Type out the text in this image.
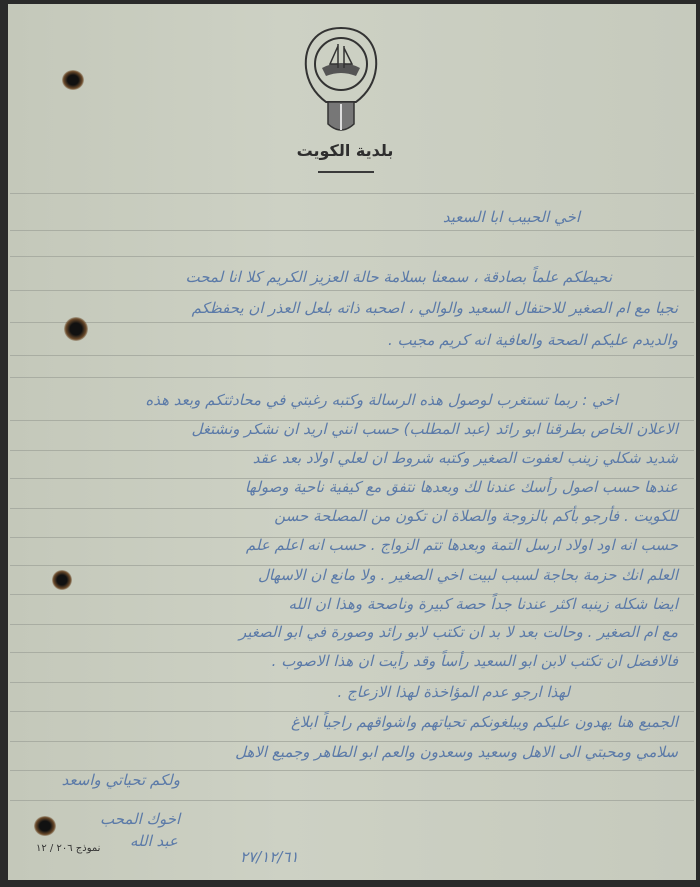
بلدية الكويت
اخي الحبيب ابا السعيد
نحيطكم علماً بصادقة ، سمعنا بسلامة حالة العزيز الكريم كلا انا لمحت
نجيا مع ام الصغير للاحتفال السعيد والوالي ، اصحبه ذاته بلعل العذر ان يحفظكم
والديدم عليكم الصحة والعافية انه كريم مجيب .
اخي : ربما تستغرب لوصول هذه الرسالة وكتبه رغبتي في محادثتكم وبعد هذه
الاعلان الخاص بطرقنا ابو رائد (عبد المطلب) حسب انني اريد ان نشكر ونشتغل
شديد شكلي زينب لعفوت الصغير وكتبه شروط ان لعلي اولاد بعد عقد
عندها حسب اصول رأسك عندنا لك وبعدها نتفق مع كيفية ناحية وصولها
للكويت . فأرجو بأكم بالزوجة والصلاة ان تكون من المصلحة حسن
حسب انه اود اولاد ارسل التمة وبعدها تتم الزواج . حسب انه اعلم علم
العلم انك حزمة بحاجة لسبب لبيت اخي الصغير . ولا مانع ان الاسهال
ايضا شكله زينبه اكثر عندنا جداً حصة كبيرة وناصحة وهذا ان الله
مع ام الصغير . وحالت بعد لا بد ان تكتب لابو رائد وصورة في ابو الصغير
فالافضل ان تكتب لابن ابو السعيد رأساً وقد رأيت ان هذا الاصوب .
لهذا ارجو عدم المؤاخذة لهذا الازعاج .
الجميع هنا يهدون عليكم ويبلغونكم تحياتهم واشواقهم راجياً ابلاغ
سلامي ومحبتي الى الاهل وسعيد وسعدون والعم ابو الطاهر وجميع الاهل
ولكم تحياتي واسعد
اخوك المحب
عبد الله
٢٧/١٢/٦١
نموذج ٢٠٦ / ١٢
